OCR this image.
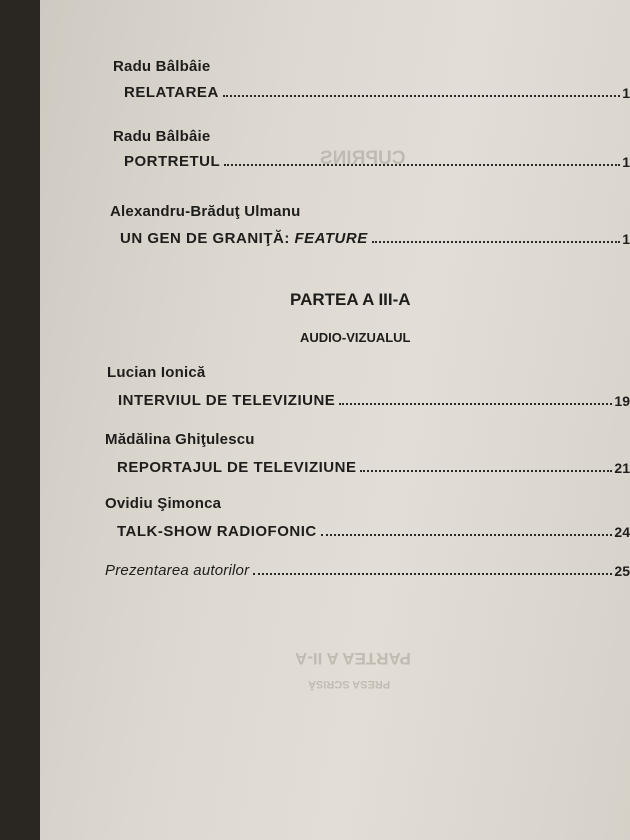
CUPRINS
PARTEA A II-A
PRESA SCRISĂ
Radu Bâlbâie
RELATAREA	1
Radu Bâlbâie
PORTRETUL	1
Alexandru-Brăduţ Ulmanu
UN GEN DE GRANIŢĂ: FEATURE	1
PARTEA A III-A
AUDIO-VIZUALUL
Lucian Ionică
INTERVIUL DE TELEVIZIUNE	19
Mădălina Ghiţulescu
REPORTAJUL DE TELEVIZIUNE	21
Ovidiu Şimonca
TALK-SHOW RADIOFONIC	24
Prezentarea autorilor	25
